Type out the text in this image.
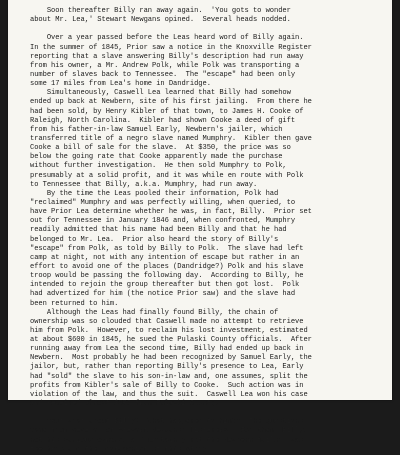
Soon thereafter Billy ran away again.  'You gots to wonder
about Mr. Lea,' Stewart Newgans opined.  Several heads nodded.
Over a year passed before the Leas heard word of Billy again.
In the summer of 1845, Prior saw a notice in the Knoxville Register
reporting that a slave answering Billy's description had run away
from his owner, a Mr. Andrew Polk, while Polk was transporting a
number of slaves back to Tennessee.  The "escape" had been only
some 17 miles from Lea's home in Dandridge.
Simultaneously, Caswell Lea learned that Billy had somehow
ended up back at Newbern, site of his first jailing.  From there he
had been sold, by Henry Kibler of that town, to James H. Cooke of
Raleigh, North Carolina.  Kibler had shown Cooke a deed of gift
from his father-in-law Samuel Early, Newbern's jailer, which
transferred title of a negro slave named Mumphry.  Kibler then gave
Cooke a bill of sale for the slave.  At $350, the price was so
below the going rate that Cooke apparently made the purchase
without further investigation.  He then sold Mumphry to Polk,
presumably at a solid profit, and it was while en route with Polk
to Tennessee that Billy, a.k.a. Mumphry, had run away.
By the time the Leas pooled their information, Polk had
"reclaimed" Mumphry and was perfectly willing, when queried, to
have Prior Lea determine whether he was, in fact, Billy.  Prior set
out for Tennessee in January 1846 and, when confronted, Mumphry
readily admitted that his name had been Billy and that he had
belonged to Mr. Lea.  Prior also heard the story of Billy's
"escape" from Polk, as told by Billy to Polk.  The slave had left
camp at night, not with any intention of escape but rather in an
effort to avoid one of the places (Dandridge?) Polk and his slave
troop would be passing the following day.  According to Billy, he
intended to rejoin the group thereafter but then got lost.  Polk
had advertized for him (the notice Prior saw) and the slave had
been returned to him.
Although the Leas had finally found Billy, the chain of
ownership was so clouded that Caswell made no attempt to retrieve
him from Polk.  However, to reclaim his lost investment, estimated
at about $600 in 1845, he sued the Pulaski County officials.  After
running away from Lea the second time, Billy had ended up back in
Newbern.  Most probably he had been recognized by Samuel Early, the
jailor, but, rather than reporting Billy's presence to Lea, Early
had "sold" the slave to his son-in-law and, one assumes, split the
profits from Kibler's sale of Billy to Cooke.  Such action was in
violation of the law, and thus the suit.  Caswell Lea won his case
and received almost $800 from Pulaski County.
"But what about Billy?  What happened to him?"  The questions
came from several of Stewart Newgans' listeners.  For them, Billy,
not his various owners, and certainly not the Newbern jailor, was
the hero and the protagonist of this story.
